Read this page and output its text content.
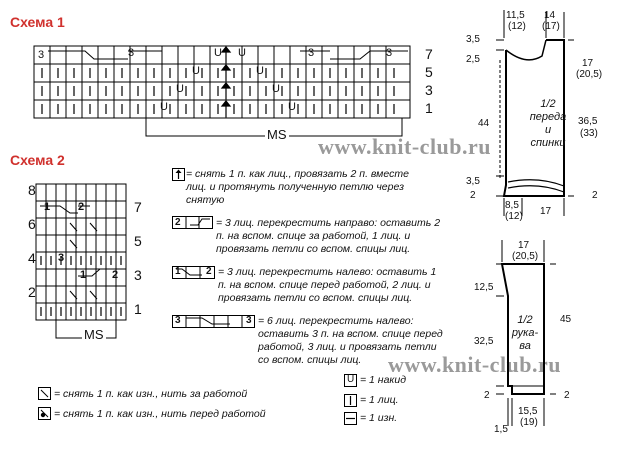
Схема 1
Схема 2
3	3	U U
U	U
U
3	3
U
U	U
7
5
3
1
MS
1	2
3
1 2
8
6
4
2
7
5
3
1
MS
www.knit-club.ru
www.knit-club.ru
= снять 1 п. как лиц., провязать 2 п. вместе лиц. и протянуть полученную петлю через снятую
2	= 3 лиц. перекрестить направо: оставить 2 п. на вспом. спице за работой, 1 лиц. и провязать петли со вспом. спицы лиц.
1	2 = 3 лиц. перекрестить налево: оставить 1 п. на вспом. спице перед работой, 2 лиц. и провязать петли со вспом. спицы лиц.
3	3 = 6 лиц. перекрестить налево: оставить 3 п. на вспом. спице перед работой, 3 лиц. и провязать петли со вспом. спицы лиц.
U = 1 накид
= 1 лиц.
= 1 изн.
= снять 1 п. как изн., нить за работой
= снять 1 п. как изн., нить перед работой
11,5
(12)
14
(17)
3,5
2,5
44
17
(20,5)
36,5
(33)
3,5
2	2
8,5
(12) 17
1/2
переда
и
спинки
17
(20,5)
12,5
32,5
45
2	2
15,5
(19)
1,5
1/2
рука-
ва
